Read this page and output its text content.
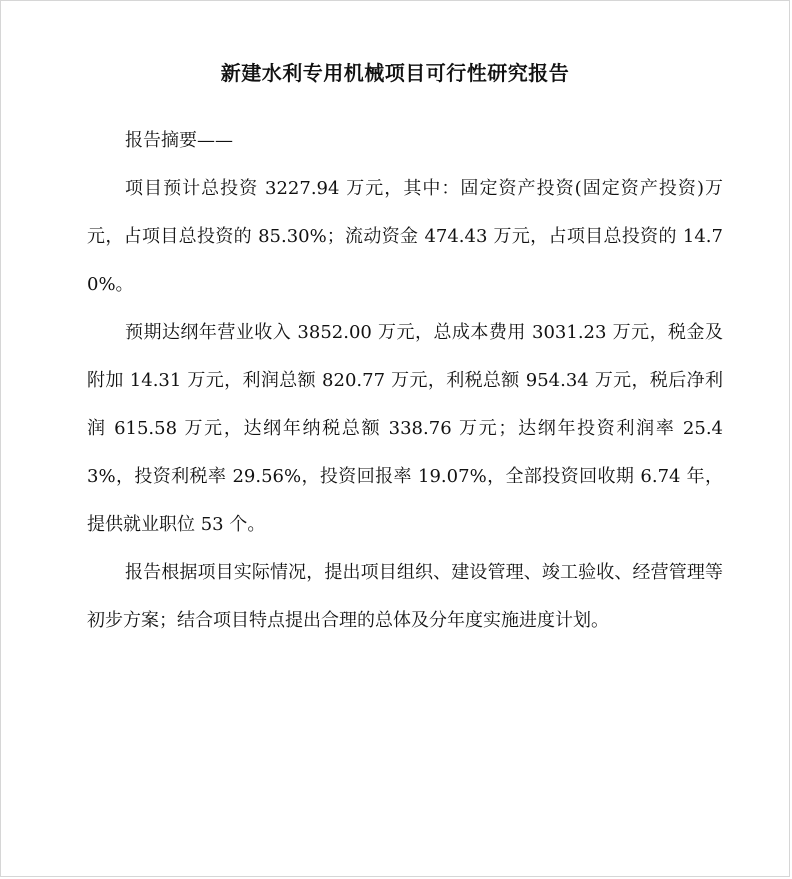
新建水利专用机械项目可行性研究报告

报告摘要——

项目预计总投资 3227.94 万元，其中：固定资产投资(固定资产投资)万元，占项目总投资的 85.30%；流动资金 474.43 万元，占项目总投资的 14.70%。

预期达纲年营业收入 3852.00 万元，总成本费用 3031.23 万元，税金及附加 14.31 万元，利润总额 820.77 万元，利税总额 954.34 万元，税后净利润 615.58 万元，达纲年纳税总额 338.76 万元；达纲年投资利润率 25.43%，投资利税率 29.56%，投资回报率 19.07%，全部投资回收期 6.74 年，提供就业职位 53 个。

报告根据项目实际情况，提出项目组织、建设管理、竣工验收、经营管理等初步方案；结合项目特点提出合理的总体及分年度实施进度计划。
